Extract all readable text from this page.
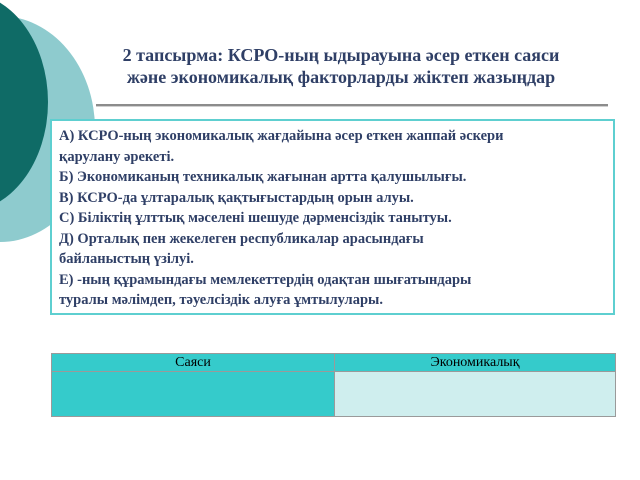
2 тапсырма: КСРО-ның ыдырауына әсер еткен саяси
және экономикалық факторларды жіктеп жазыңдар
А) КСРО-ның экономикалық жағдайына әсер еткен жаппай әскери
қарулану әрекеті.
Б) Экономиканың техникалық жағынан артта қалушылығы.
В) КСРО-да ұлтаралық қақтығыстардың орын алуы.
С) Біліктің ұлттық мәселені шешуде дәрменсіздік танытуы.
Д) Орталық пен жекелеген республикалар арасындағы
байланыстың үзілуі.
Е) -ның құрамындағы мемлекеттердің одақтан шығатындары
туралы мәлімдеп, тәуелсіздік алуға ұмтылулары.
Саяси	Экономикалық
